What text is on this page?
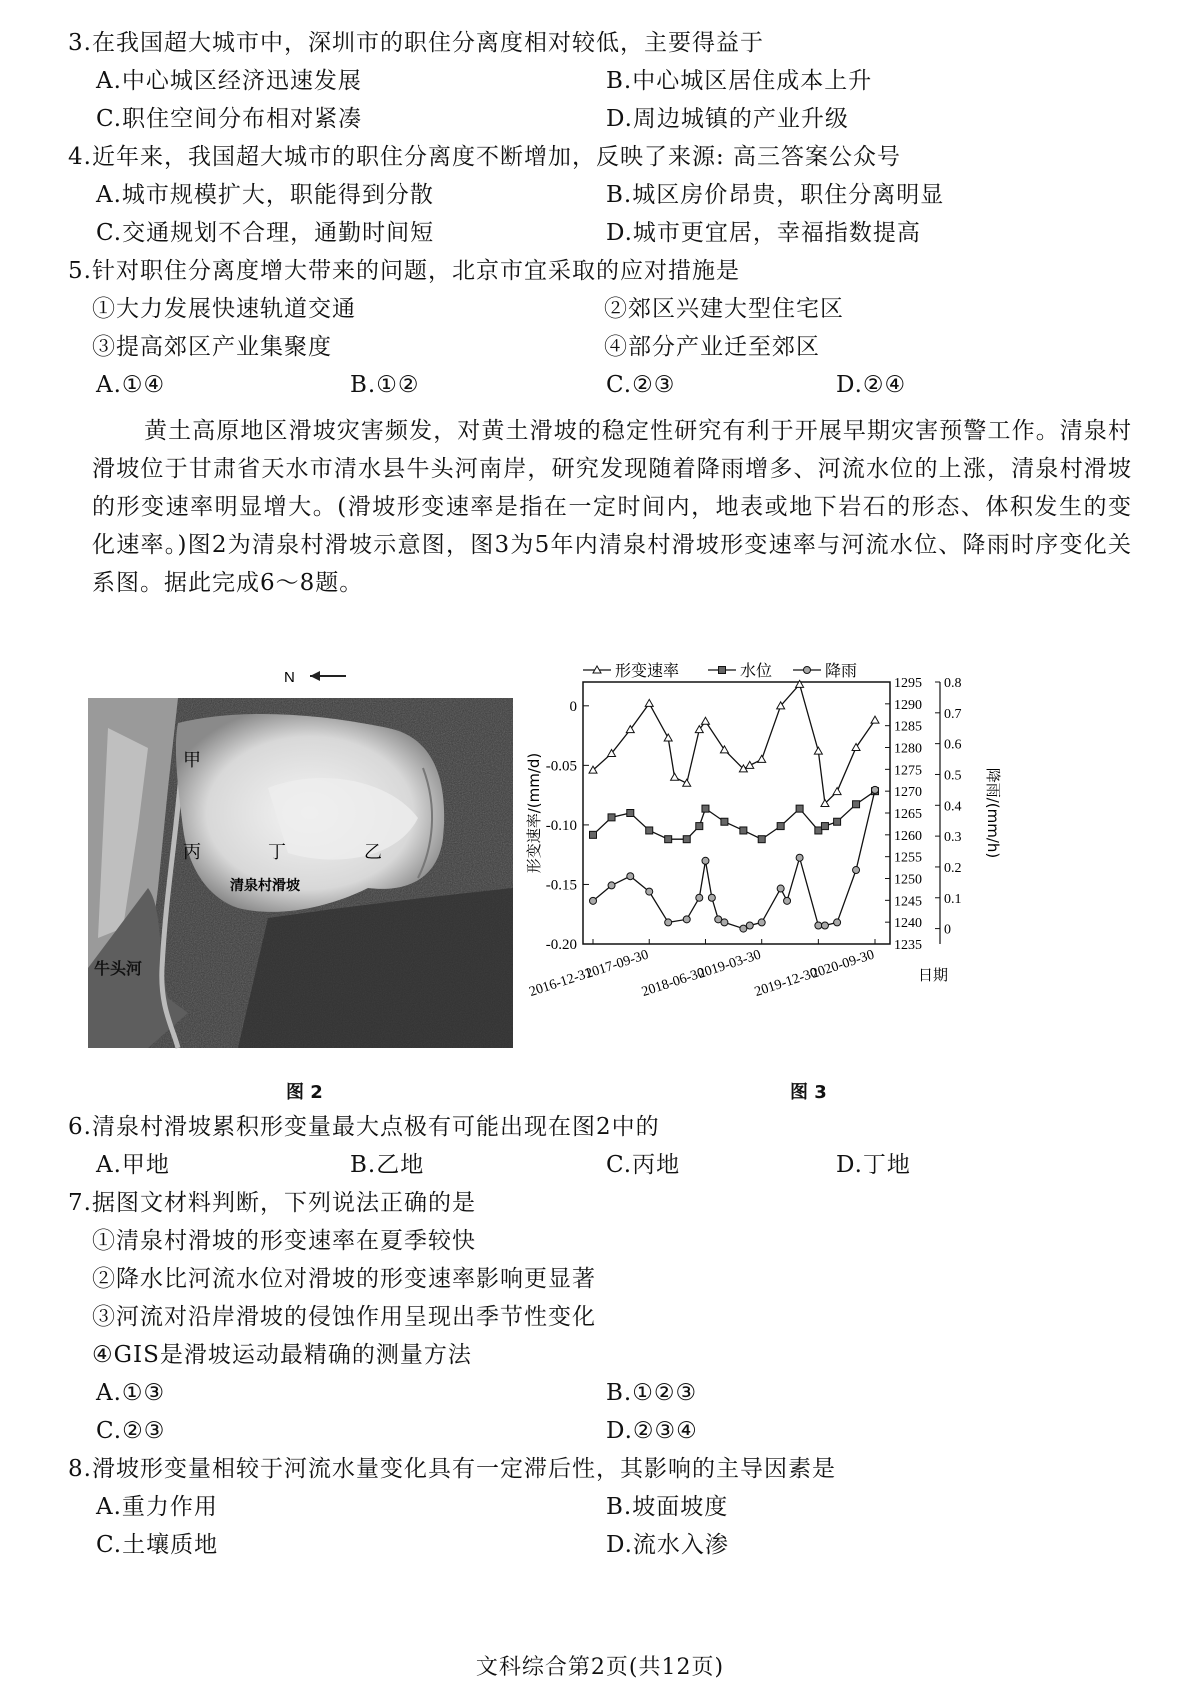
3.在我国超大城市中，深圳市的职住分离度相对较低，主要得益于
A.中心城区经济迅速发展	B.中心城区居住成本上升
C.职住空间分布相对紧凑	D.周边城镇的产业升级
4.近年来，我国超大城市的职住分离度不断增加，反映了来源: 高三答案公众号
A.城市规模扩大，职能得到分散	B.城区房价昂贵，职住分离明显
C.交通规划不合理，通勤时间短	D.城市更宜居，幸福指数提高
5.针对职住分离度增大带来的问题，北京市宜采取的应对措施是
①大力发展快速轨道交通	②郊区兴建大型住宅区
③提高郊区产业集聚度	④部分产业迁至郊区
A.①④	B.①②	C.②③	D.②④
黄土高原地区滑坡灾害频发，对黄土滑坡的稳定性研究有利于开展早期灾害预警工作。清泉村滑坡位于甘肃省天水市清水县牛头河南岸，研究发现随着降雨增多、河流水位的上涨，清泉村滑坡的形变速率明显增大。(滑坡形变速率是指在一定时间内，地表或地下岩石的形态、体积发生的变化速率。)图2为清泉村滑坡示意图，图3为5年内清泉村滑坡形变速率与河流水位、降雨时序变化关系图。据此完成6～8题。
N
甲
丙	丁	乙
清泉村滑坡
牛头河
图 2
0
-0.05
-0.10
-0.15
-0.20
1295
1290
1285
1280
1275
1270
1265
1260
1255
1250
1245
1240
1235
0.8
0.7
0.6
0.5
0.4
0.3
0.2
0.1
0
2016-12-31
2017-09-30
2018-06-30
2019-03-30
2019-12-30
2020-09-30	日期
形变速率/(mm/d)	降雨/(mm/h)
形变速率	水位	降雨
图 3
6.清泉村滑坡累积形变量最大点极有可能出现在图2中的
A.甲地	B.乙地	C.丙地	D.丁地
7.据图文材料判断，下列说法正确的是
①清泉村滑坡的形变速率在夏季较快
②降水比河流水位对滑坡的形变速率影响更显著
③河流对沿岸滑坡的侵蚀作用呈现出季节性变化
④GIS是滑坡运动最精确的测量方法
A.①③	B.①②③
C.②③	D.②③④
8.滑坡形变量相较于河流水量变化具有一定滞后性，其影响的主导因素是
A.重力作用	B.坡面坡度
C.土壤质地	D.流水入渗
文科综合第2页(共12页)
